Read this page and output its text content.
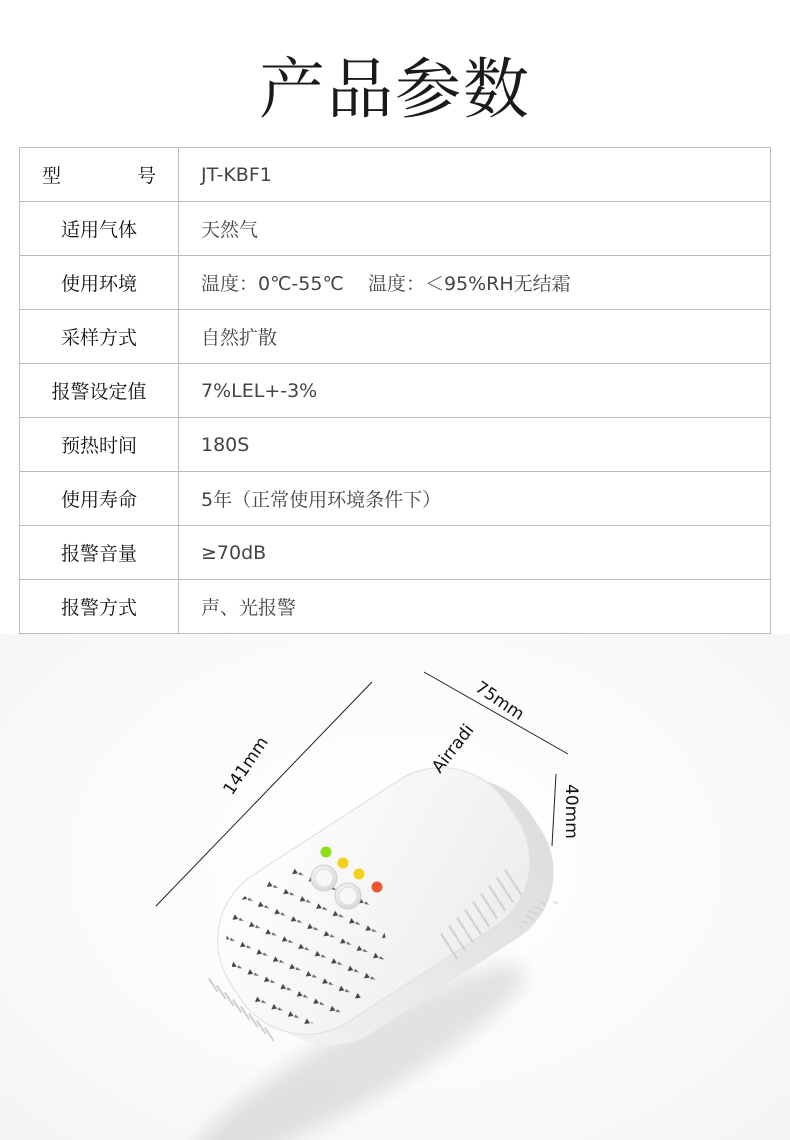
产品参数
型 号	JT-KBF1
适用气体	天然气
使用环境	温度：0℃-55℃    温度：＜95%RH无结霜
采样方式	自然扩散
报警设定值	7%LEL+-3%
预热时间	180S
使用寿命	5年（正常使用环境条件下）
报警音量	≥70dB
报警方式	声、光报警
Airradi
141mm
75mm
40mm
